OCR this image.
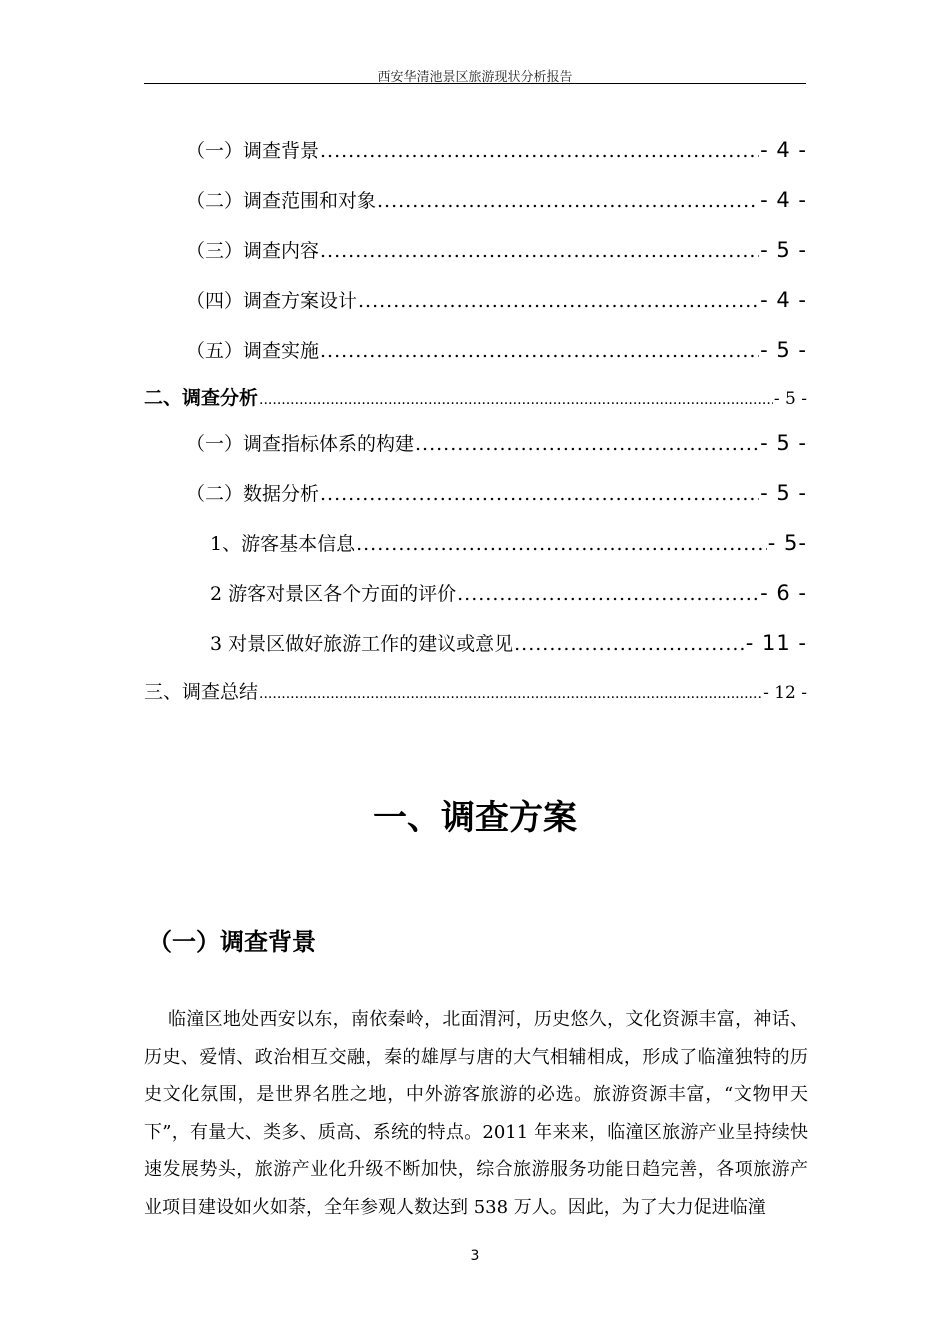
西安华清池景区旅游现状分析报告
（一）调查背景 .....	- 4 -
（二）调查范围和对象 .....	- 4 -
（三）调查内容 .....	- 5 -
（四）调查方案设计 .....	- 4 -
（五）调查实施 .....	- 5 -
二、调查分析 .....	- 5 -
（一）调查指标体系的构建 .....	- 5 -
（二）数据分析 .....	- 5 -
1、游客基本信息 .....	- 5-
2 游客对景区各个方面的评价 .....	- 6 -
3 对景区做好旅游工作的建议或意见 .....	- 11 -
三、调查总结 .....	- 12 -
一、调查方案
（一）调查背景
临潼区地处西安以东，南依秦岭，北面渭河，历史悠久，文化资源丰富，神话、历史、爱情、政治相互交融，秦的雄厚与唐的大气相辅相成，形成了临潼独特的历史文化氛围，是世界名胜之地，中外游客旅游的必选。旅游资源丰富，“文物甲天下”，有量大、类多、质高、系统的特点。2011 年来来，临潼区旅游产业呈持续快速发展势头，旅游产业化升级不断加快，综合旅游服务功能日趋完善，各项旅游产业项目建设如火如荼，全年参观人数达到 538 万人。因此，为了大力促进临潼
3
